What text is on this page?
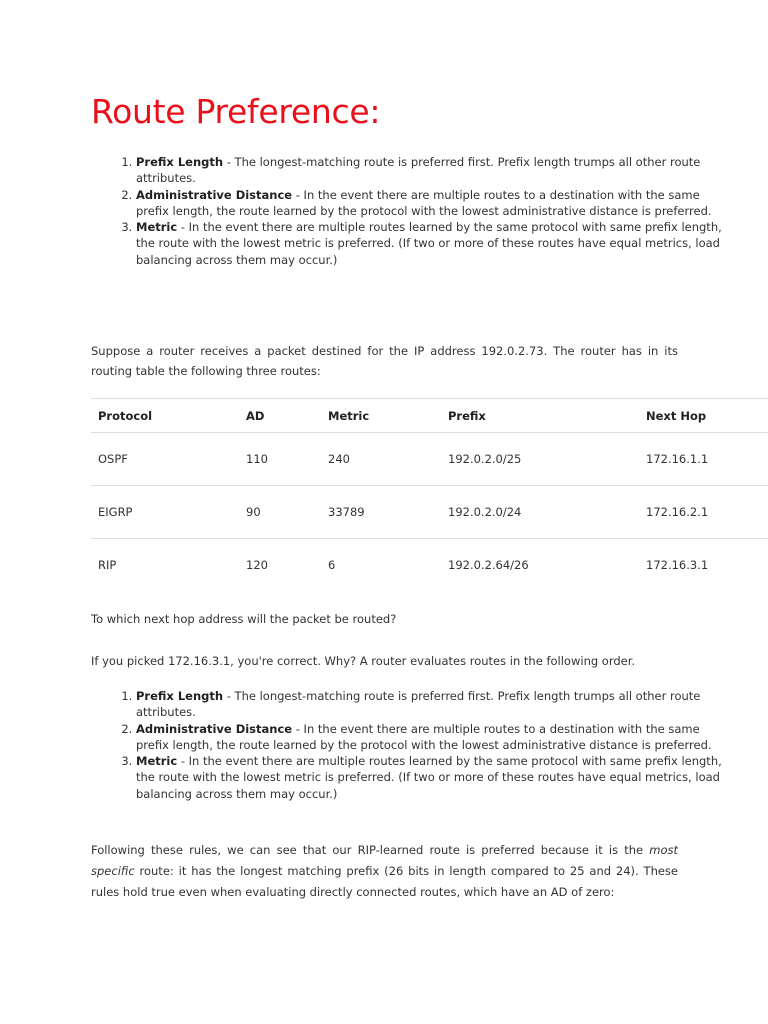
Route Preference:
1. Prefix Length - The longest-matching route is preferred first. Prefix length trumps all other route attributes.
2. Administrative Distance - In the event there are multiple routes to a destination with the same prefix length, the route learned by the protocol with the lowest administrative distance is preferred.
3. Metric - In the event there are multiple routes learned by the same protocol with same prefix length, the route with the lowest metric is preferred. (If two or more of these routes have equal metrics, load balancing across them may occur.)

Suppose a router receives a packet destined for the IP address 192.0.2.73. The router has in its routing table the following three routes:

Protocol	AD	Metric	Prefix	Next Hop
OSPF	110	240	192.0.2.0/25	172.16.1.1
EIGRP	90	33789	192.0.2.0/24	172.16.2.1
RIP	120	6	192.0.2.64/26	172.16.3.1

To which next hop address will the packet be routed?

If you picked 172.16.3.1, you're correct. Why? A router evaluates routes in the following order.

1. Prefix Length - The longest-matching route is preferred first. Prefix length trumps all other route attributes.
2. Administrative Distance - In the event there are multiple routes to a destination with the same prefix length, the route learned by the protocol with the lowest administrative distance is preferred.
3. Metric - In the event there are multiple routes learned by the same protocol with same prefix length, the route with the lowest metric is preferred. (If two or more of these routes have equal metrics, load balancing across them may occur.)

Following these rules, we can see that our RIP-learned route is preferred because it is the most specific route: it has the longest matching prefix (26 bits in length compared to 25 and 24). These rules hold true even when evaluating directly connected routes, which have an AD of zero:
